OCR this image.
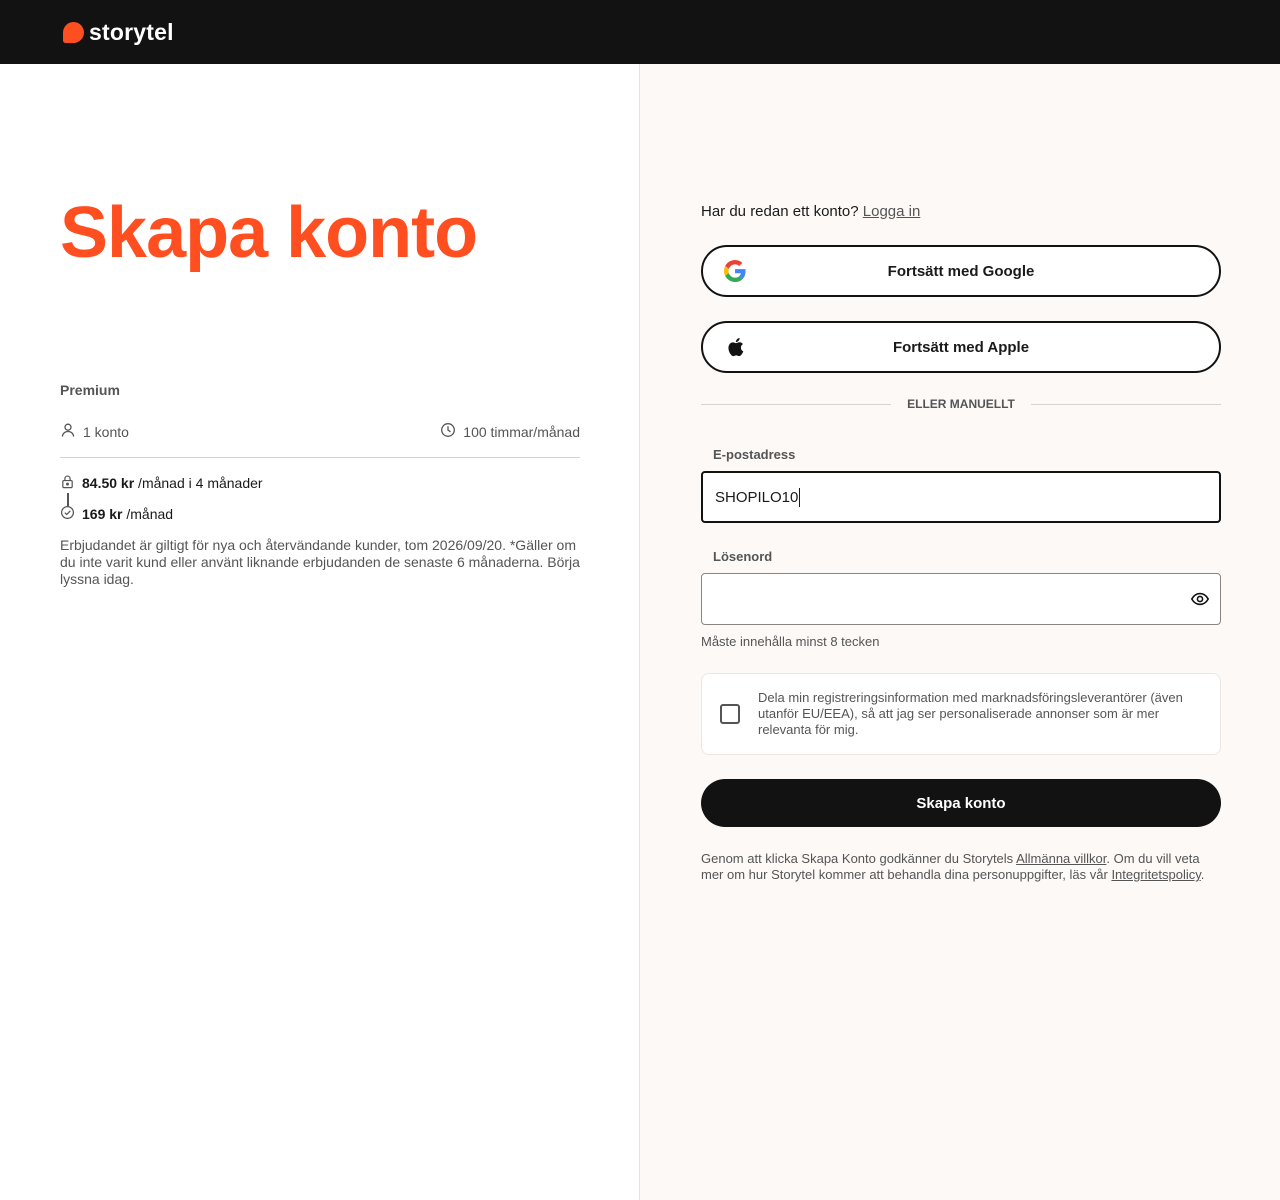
storytel
Skapa konto
Premium
1 konto	100 timmar/månad
84.50 kr /månad i 4 månader
169 kr /månad

Erbjudandet är giltigt för nya och återvändande kunder, tom 2026/09/20. *Gäller om du inte varit kund eller använt liknande erbjudanden de senaste 6 månaderna. Börja lyssna idag.

Har du redan ett konto? Logga in

Fortsätt med Google
Fortsätt med Apple
ELLER MANUELLT
E-postadress
SHOPILO10
Lösenord

Måste innehålla minst 8 tecken

Dela min registreringsinformation med marknadsföringsleverantörer (även utanför EU/EEA), så att jag ser personaliserade annonser som är mer relevanta för mig.
Skapa konto

Genom att klicka Skapa Konto godkänner du Storytels Allmänna villkor. Om du vill veta mer om hur Storytel kommer att behandla dina personuppgifter, läs vår Integritetspolicy.
